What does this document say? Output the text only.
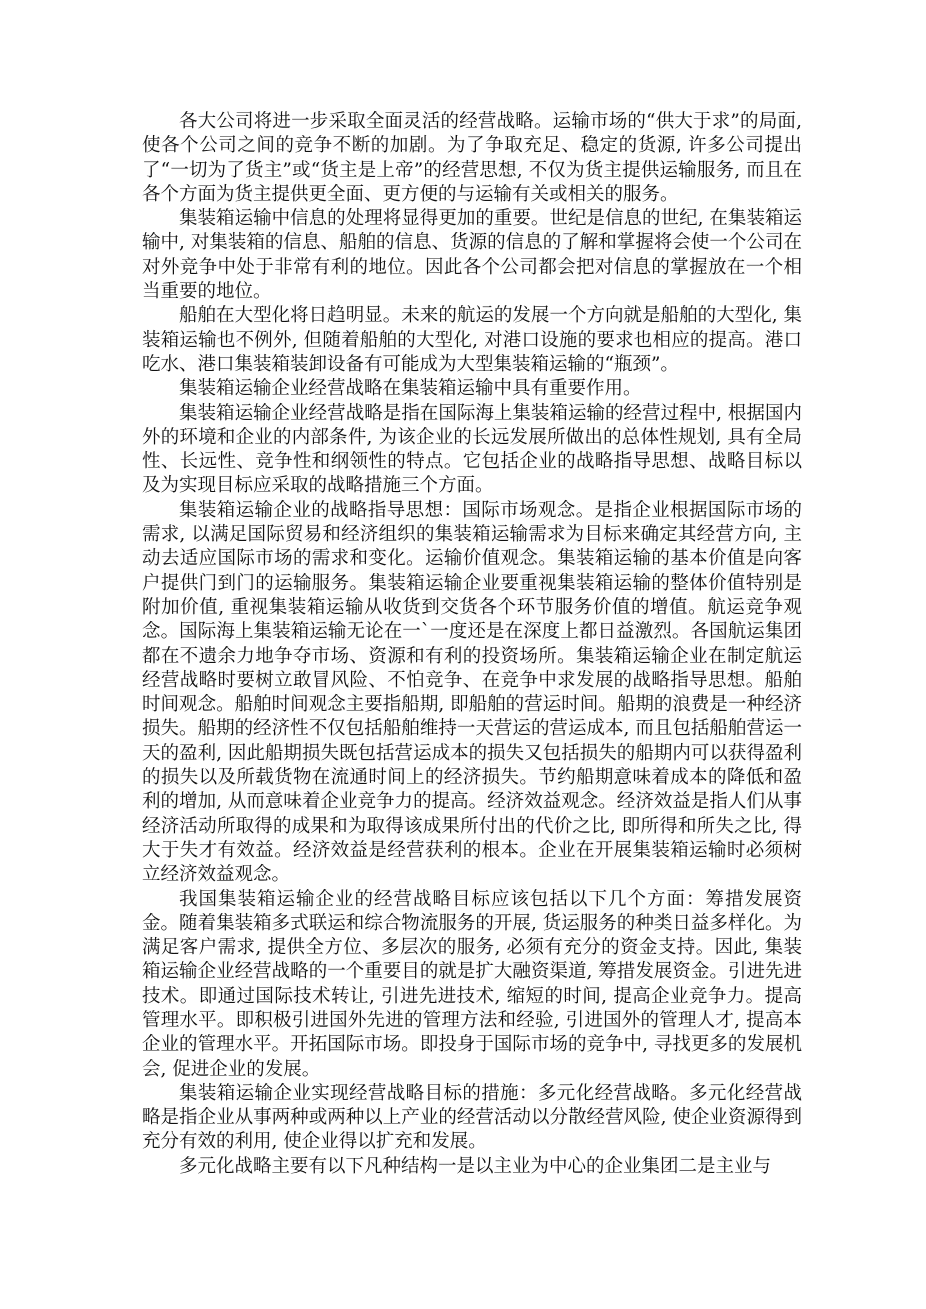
各大公司将进一步采取全面灵活的经营战略。运输市场的“供大于求”的局面, 使各个公司之间的竞争不断的加剧。为了争取充足、稳定的货源, 许多公司提出了“一切为了货主”或“货主是上帝”的经营思想, 不仅为货主提供运输服务, 而且在各个方面为货主提供更全面、更方便的与运输有关或相关的服务。

集装箱运输中信息的处理将显得更加的重要。世纪是信息的世纪, 在集装箱运输中, 对集装箱的信息、船舶的信息、货源的信息的了解和掌握将会使一个公司在对外竞争中处于非常有利的地位。因此各个公司都会把对信息的掌握放在一个相当重要的地位。

船舶在大型化将日趋明显。未来的航运的发展一个方向就是船舶的大型化, 集装箱运输也不例外, 但随着船舶的大型化, 对港口设施的要求也相应的提高。港口吃水、港口集装箱装卸设备有可能成为大型集装箱运输的“瓶颈”。

集装箱运输企业经营战略在集装箱运输中具有重要作用。

集装箱运输企业经营战略是指在国际海上集装箱运输的经营过程中, 根据国内外的环境和企业的内部条件, 为该企业的长远发展所做出的总体性规划, 具有全局性、长远性、竞争性和纲领性的特点。它包括企业的战略指导思想、战略目标以及为实现目标应采取的战略措施三个方面。

集装箱运输企业的战略指导思想：国际市场观念。是指企业根据国际市场的需求, 以满足国际贸易和经济组织的集装箱运输需求为目标来确定其经营方向, 主动去适应国际市场的需求和变化。运输价值观念。集装箱运输的基本价值是向客户提供门到门的运输服务。集装箱运输企业要重视集装箱运输的整体价值特别是附加价值, 重视集装箱运输从收货到交货各个环节服务价值的增值。航运竞争观念。国际海上集装箱运输无论在一`一度还是在深度上都日益激烈。各国航运集团都在不遗余力地争夺市场、资源和有利的投资场所。集装箱运输企业在制定航运经营战略时要树立敢冒风险、不怕竞争、在竞争中求发展的战略指导思想。船舶时间观念。船舶时间观念主要指船期, 即船舶的营运时间。船期的浪费是一种经济损失。船期的经济性不仅包括船舶维持一天营运的营运成本, 而且包括船舶营运一天的盈利, 因此船期损失既包括营运成本的损失又包括损失的船期内可以获得盈利的损失以及所载货物在流通时间上的经济损失。节约船期意味着成本的降低和盈利的增加, 从而意味着企业竞争力的提高。经济效益观念。经济效益是指人们从事经济活动所取得的成果和为取得该成果所付出的代价之比, 即所得和所失之比, 得大于失才有效益。经济效益是经营获利的根本。企业在开展集装箱运输时必须树立经济效益观念。

我国集装箱运输企业的经营战略目标应该包括以下几个方面：筹措发展资金。随着集装箱多式联运和综合物流服务的开展, 货运服务的种类日益多样化。为满足客户需求, 提供全方位、多层次的服务, 必须有充分的资金支持。因此, 集装箱运输企业经营战略的一个重要目的就是扩大融资渠道, 筹措发展资金。引进先进技术。即通过国际技术转让, 引进先进技术, 缩短的时间, 提高企业竞争力。提高管理水平。即积极引进国外先进的管理方法和经验, 引进国外的管理人才, 提高本企业的管理水平。开拓国际市场。即投身于国际市场的竞争中, 寻找更多的发展机会, 促进企业的发展。

集装箱运输企业实现经营战略目标的措施：多元化经营战略。多元化经营战略是指企业从事两种或两种以上产业的经营活动以分散经营风险, 使企业资源得到充分有效的利用, 使企业得以扩充和发展。

多元化战略主要有以下凡种结构一是以主业为中心的企业集团二是主业与
